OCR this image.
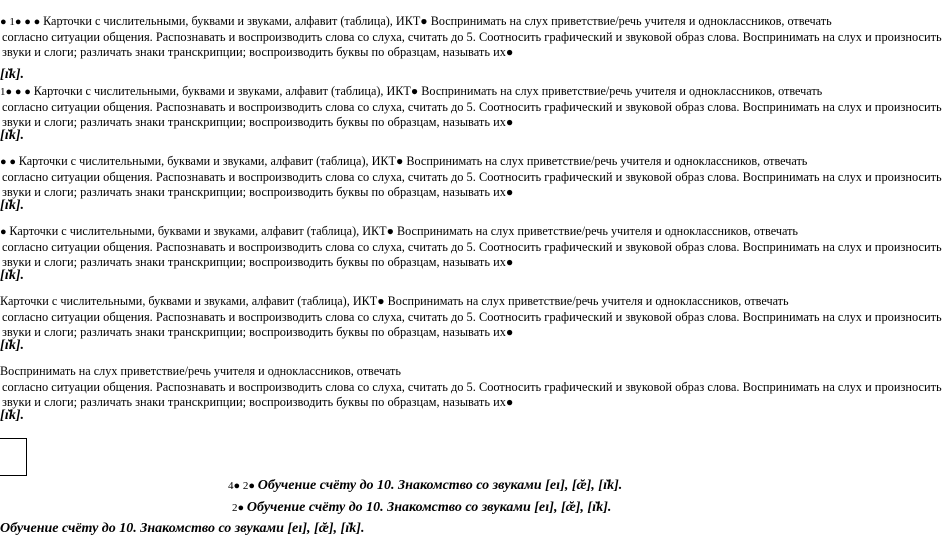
● 1● ● ● Карточки с числительными, буквами и звуками, алфавит (таблица), ИКТ● Воспринимать на слух приветствие/речь учителя и одноклассников, отвечать
согласно ситуации общения. Распознавать и воспроизводить слова со слуха, считать до 5. Соотносить графический и звуковой образ слова. Воспринимать на слух и произносить
звуки и слоги; различать знаки транскрипции; воспроизводить буквы по образцам, называть их●
[ɪ̆k].
1● ● ● Карточки с числительными, буквами и звуками, алфавит (таблица), ИКТ● Воспринимать на слух приветствие/речь учителя и одноклассников, отвечать
согласно ситуации общения. Распознавать и воспроизводить слова со слуха, считать до 5. Соотносить графический и звуковой образ слова. Воспринимать на слух и произносить
звуки и слоги; различать знаки транскрипции; воспроизводить буквы по образцам, называть их●
[ɪ̆k].
● ● Карточки с числительными, буквами и звуками, алфавит (таблица), ИКТ● Воспринимать на слух приветствие/речь учителя и одноклассников, отвечать
согласно ситуации общения. Распознавать и воспроизводить слова со слуха, считать до 5. Соотносить графический и звуковой образ слова. Воспринимать на слух и произносить
звуки и слоги; различать знаки транскрипции; воспроизводить буквы по образцам, называть их●
[ɪ̆k].
● Карточки с числительными, буквами и звуками, алфавит (таблица), ИКТ● Воспринимать на слух приветствие/речь учителя и одноклассников, отвечать
согласно ситуации общения. Распознавать и воспроизводить слова со слуха, считать до 5. Соотносить графический и звуковой образ слова. Воспринимать на слух и произносить
звуки и слоги; различать знаки транскрипции; воспроизводить буквы по образцам, называть их●
[ɪ̆k].
Карточки с числительными, буквами и звуками, алфавит (таблица), ИКТ● Воспринимать на слух приветствие/речь учителя и одноклассников, отвечать
согласно ситуации общения. Распознавать и воспроизводить слова со слуха, считать до 5. Соотносить графический и звуковой образ слова. Воспринимать на слух и произносить
звуки и слоги; различать знаки транскрипции; воспроизводить буквы по образцам, называть их●
[ɪ̆k].
Воспринимать на слух приветствие/речь учителя и одноклассников, отвечать
согласно ситуации общения. Распознавать и воспроизводить слова со слуха, считать до 5. Соотносить графический и звуковой образ слова. Воспринимать на слух и произносить
звуки и слоги; различать знаки транскрипции; воспроизводить буквы по образцам, называть их●
[ɪ̆k].
4● 2● Обучение счёту до 10. Знакомство со звуками [eɪ], [æ̆], [ɪ̆k].
2● Обучение счёту до 10. Знакомство со звуками [eɪ], [æ̆], [ɪ̆k].
Обучение счёту до 10. Знакомство со звуками [eɪ], [æ̆], [ɪ̆k].
